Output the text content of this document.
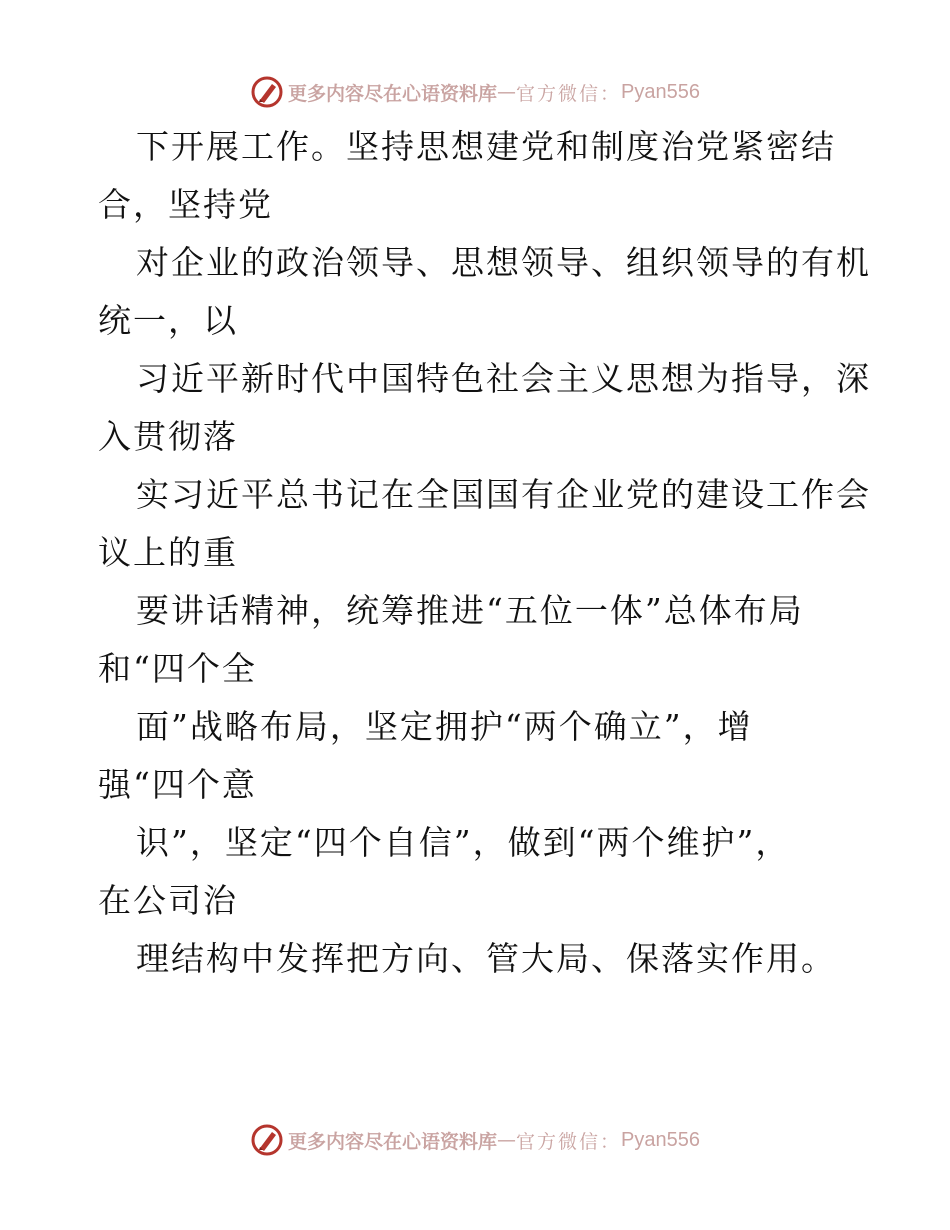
更多内容尽在心语资料库 — 官方微信： Pyan556
下开展工作。坚持思想建党和制度治党紧密结
合，坚持党
对企业的政治领导、思想领导、组织领导的有机
统一，以
习近平新时代中国特色社会主义思想为指导，深
入贯彻落
实习近平总书记在全国国有企业党的建设工作会
议上的重
要讲话精神，统筹推进“五位一体”总体布局
和“四个全
面”战略布局，坚定拥护“两个确立”，增
强“四个意
识”，坚定“四个自信”，做到“两个维护”，
在公司治
理结构中发挥把方向、管大局、保落实作用。
更多内容尽在心语资料库 — 官方微信： Pyan556
